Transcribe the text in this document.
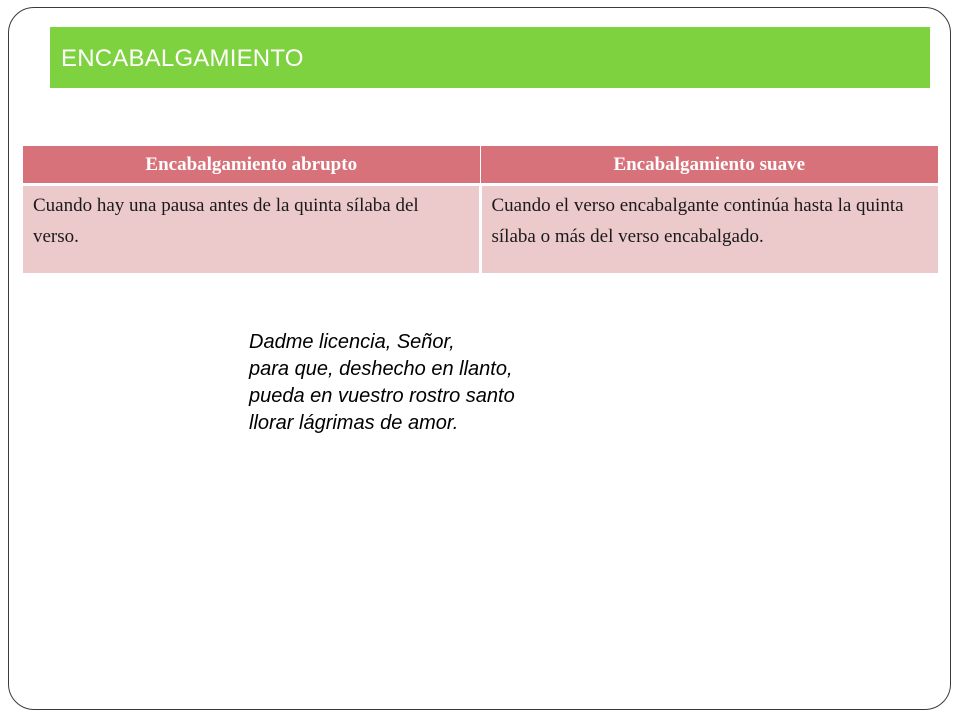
ENCABALGAMIENTO
Encabalgamiento abrupto	Encabalgamiento suave
Cuando hay una pausa antes de la quinta sílaba del verso.	Cuando el verso encabalgante continúa hasta la quinta sílaba o más del verso encabalgado.
Dadme licencia, Señor,
para que, deshecho en llanto,
pueda en vuestro rostro santo
llorar lágrimas de amor.
